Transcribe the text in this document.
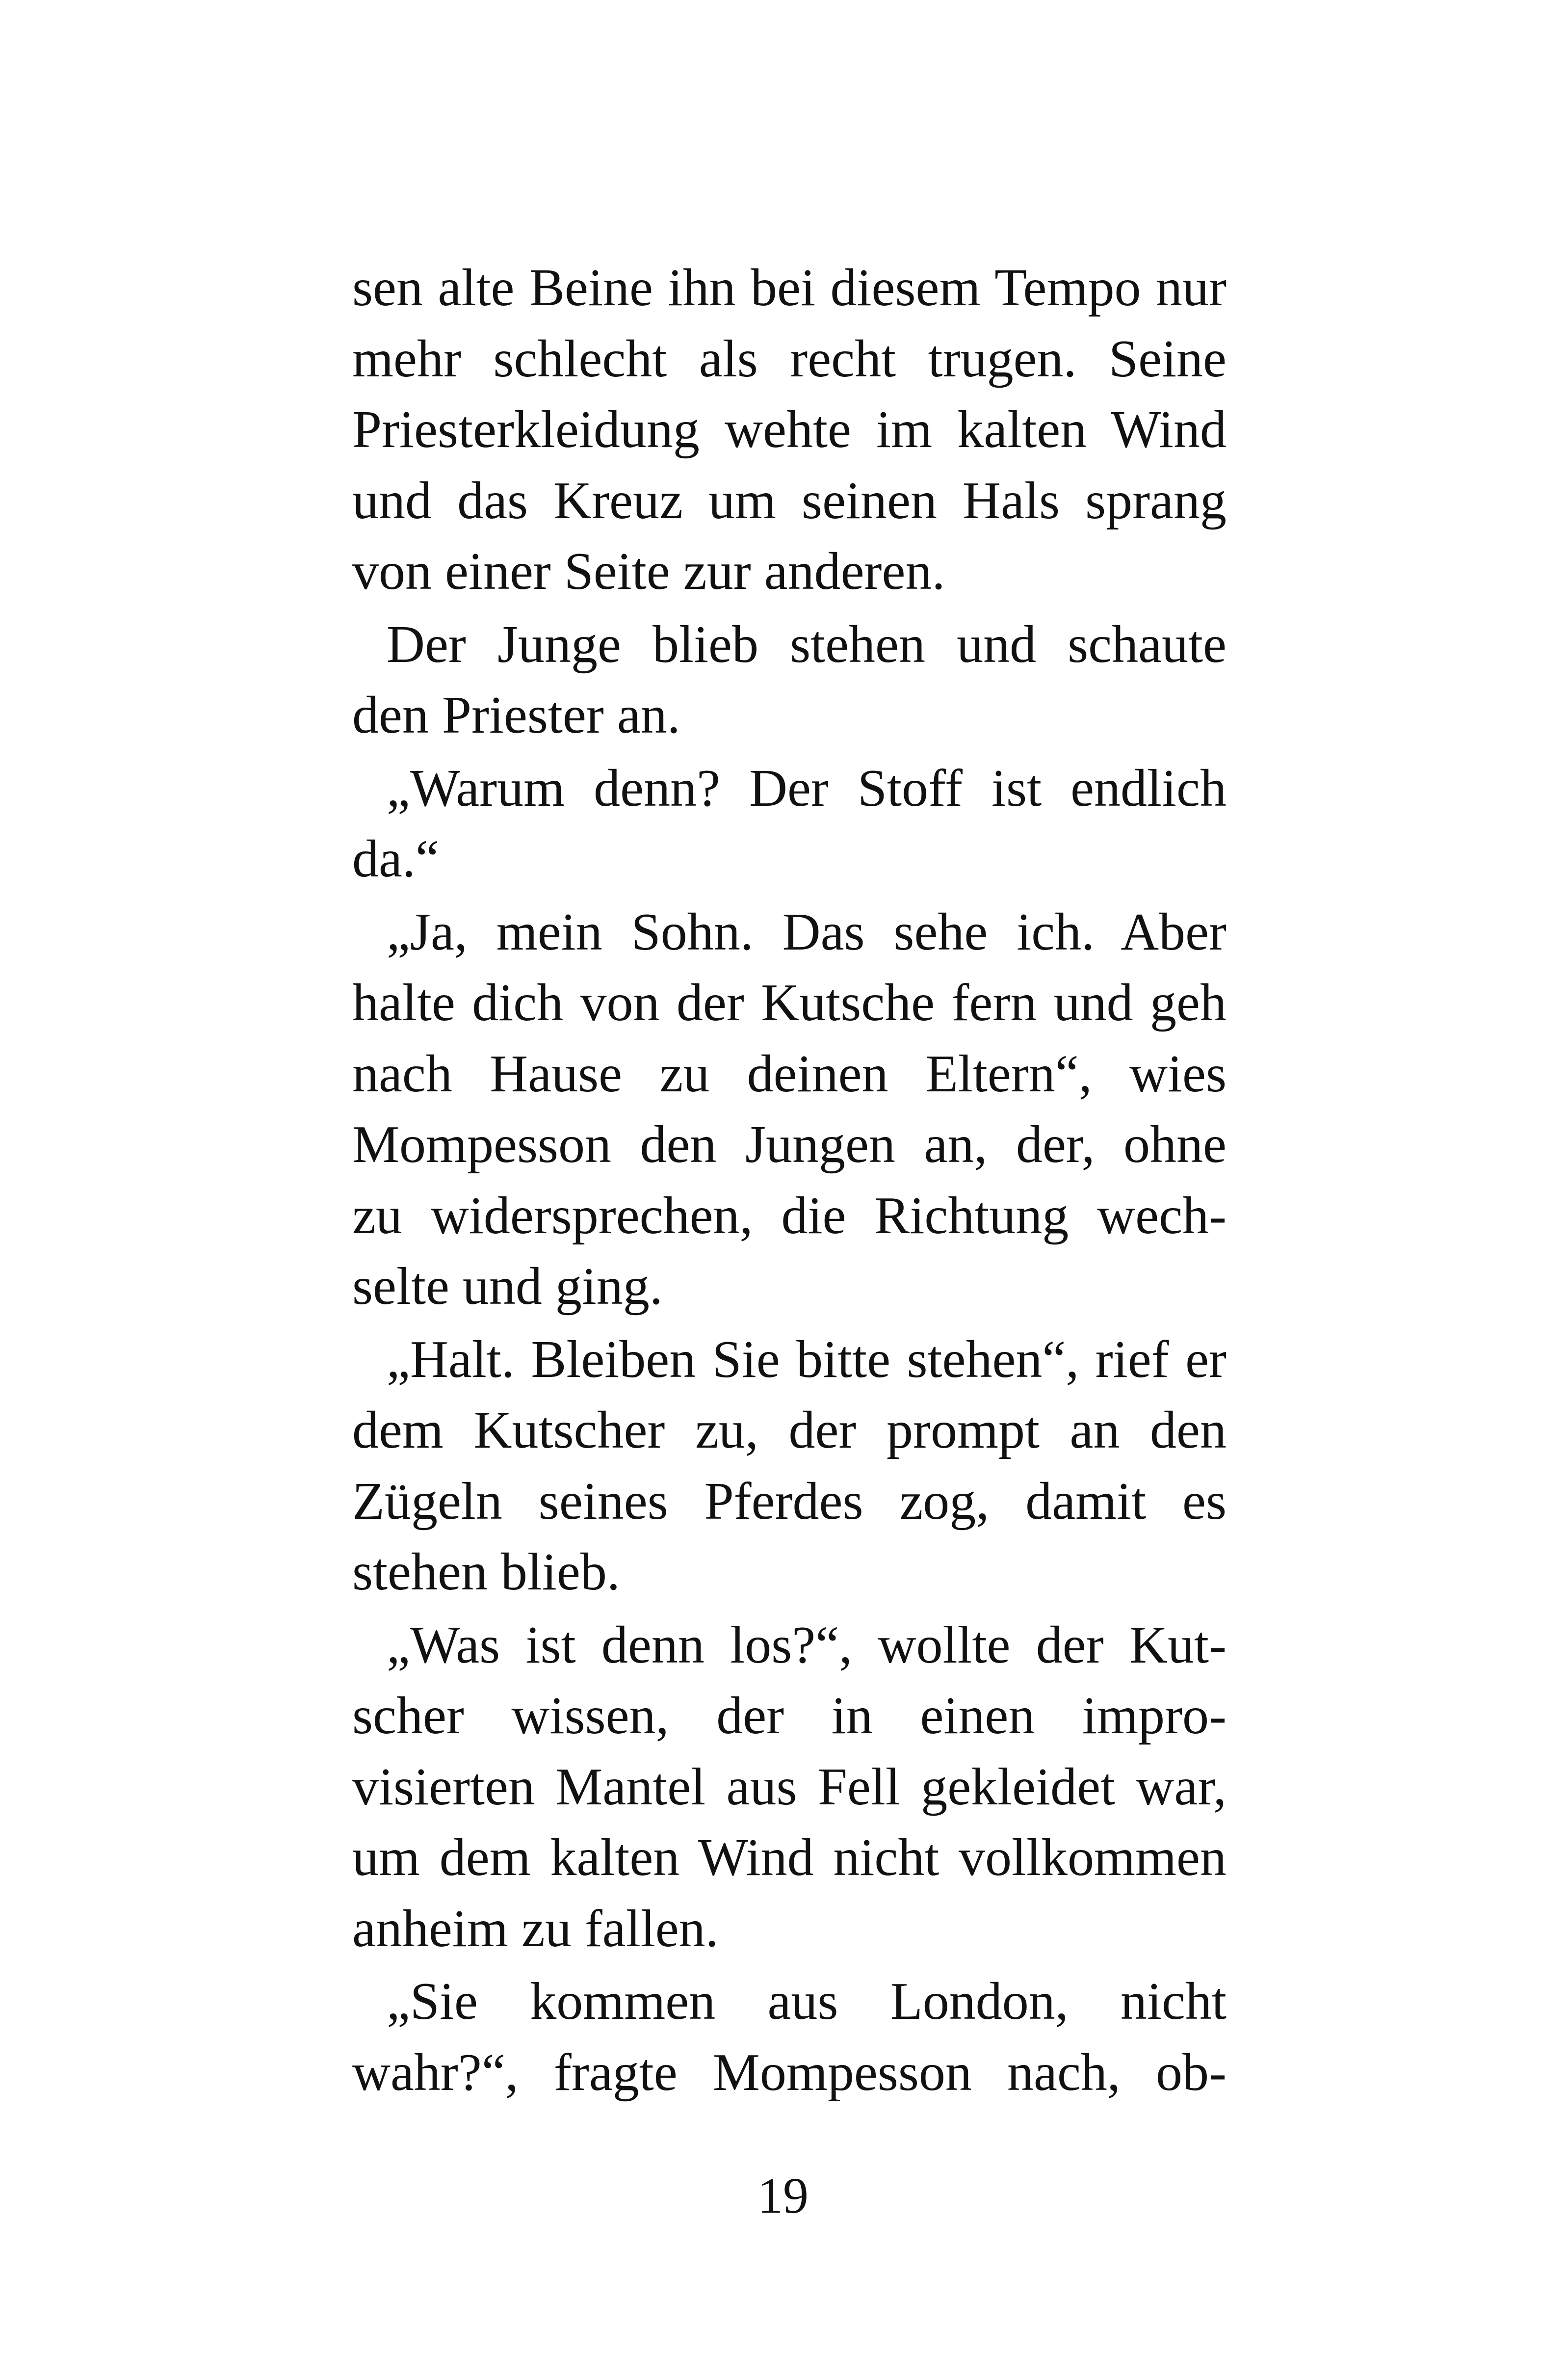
sen alte Beine ihn bei diesem Tempo nur
mehr schlecht als recht trugen. Seine
Priesterkleidung wehte im kalten Wind
und das Kreuz um seinen Hals sprang
von einer Seite zur anderen.
Der Junge blieb stehen und schaute
den Priester an.
„Warum denn? Der Stoff ist endlich
da.“
„Ja, mein Sohn. Das sehe ich. Aber
halte dich von der Kutsche fern und geh
nach Hause zu deinen Eltern“, wies
Mompesson den Jungen an, der, ohne
zu widersprechen, die Richtung wech-
selte und ging.
„Halt. Bleiben Sie bitte stehen“, rief er
dem Kutscher zu, der prompt an den
Zügeln seines Pferdes zog, damit es
stehen blieb.
„Was ist denn los?“, wollte der Kut-
scher wissen, der in einen impro-
visierten Mantel aus Fell gekleidet war,
um dem kalten Wind nicht vollkommen
anheim zu fallen.
„Sie kommen aus London, nicht
wahr?“, fragte Mompesson nach, ob-
19
